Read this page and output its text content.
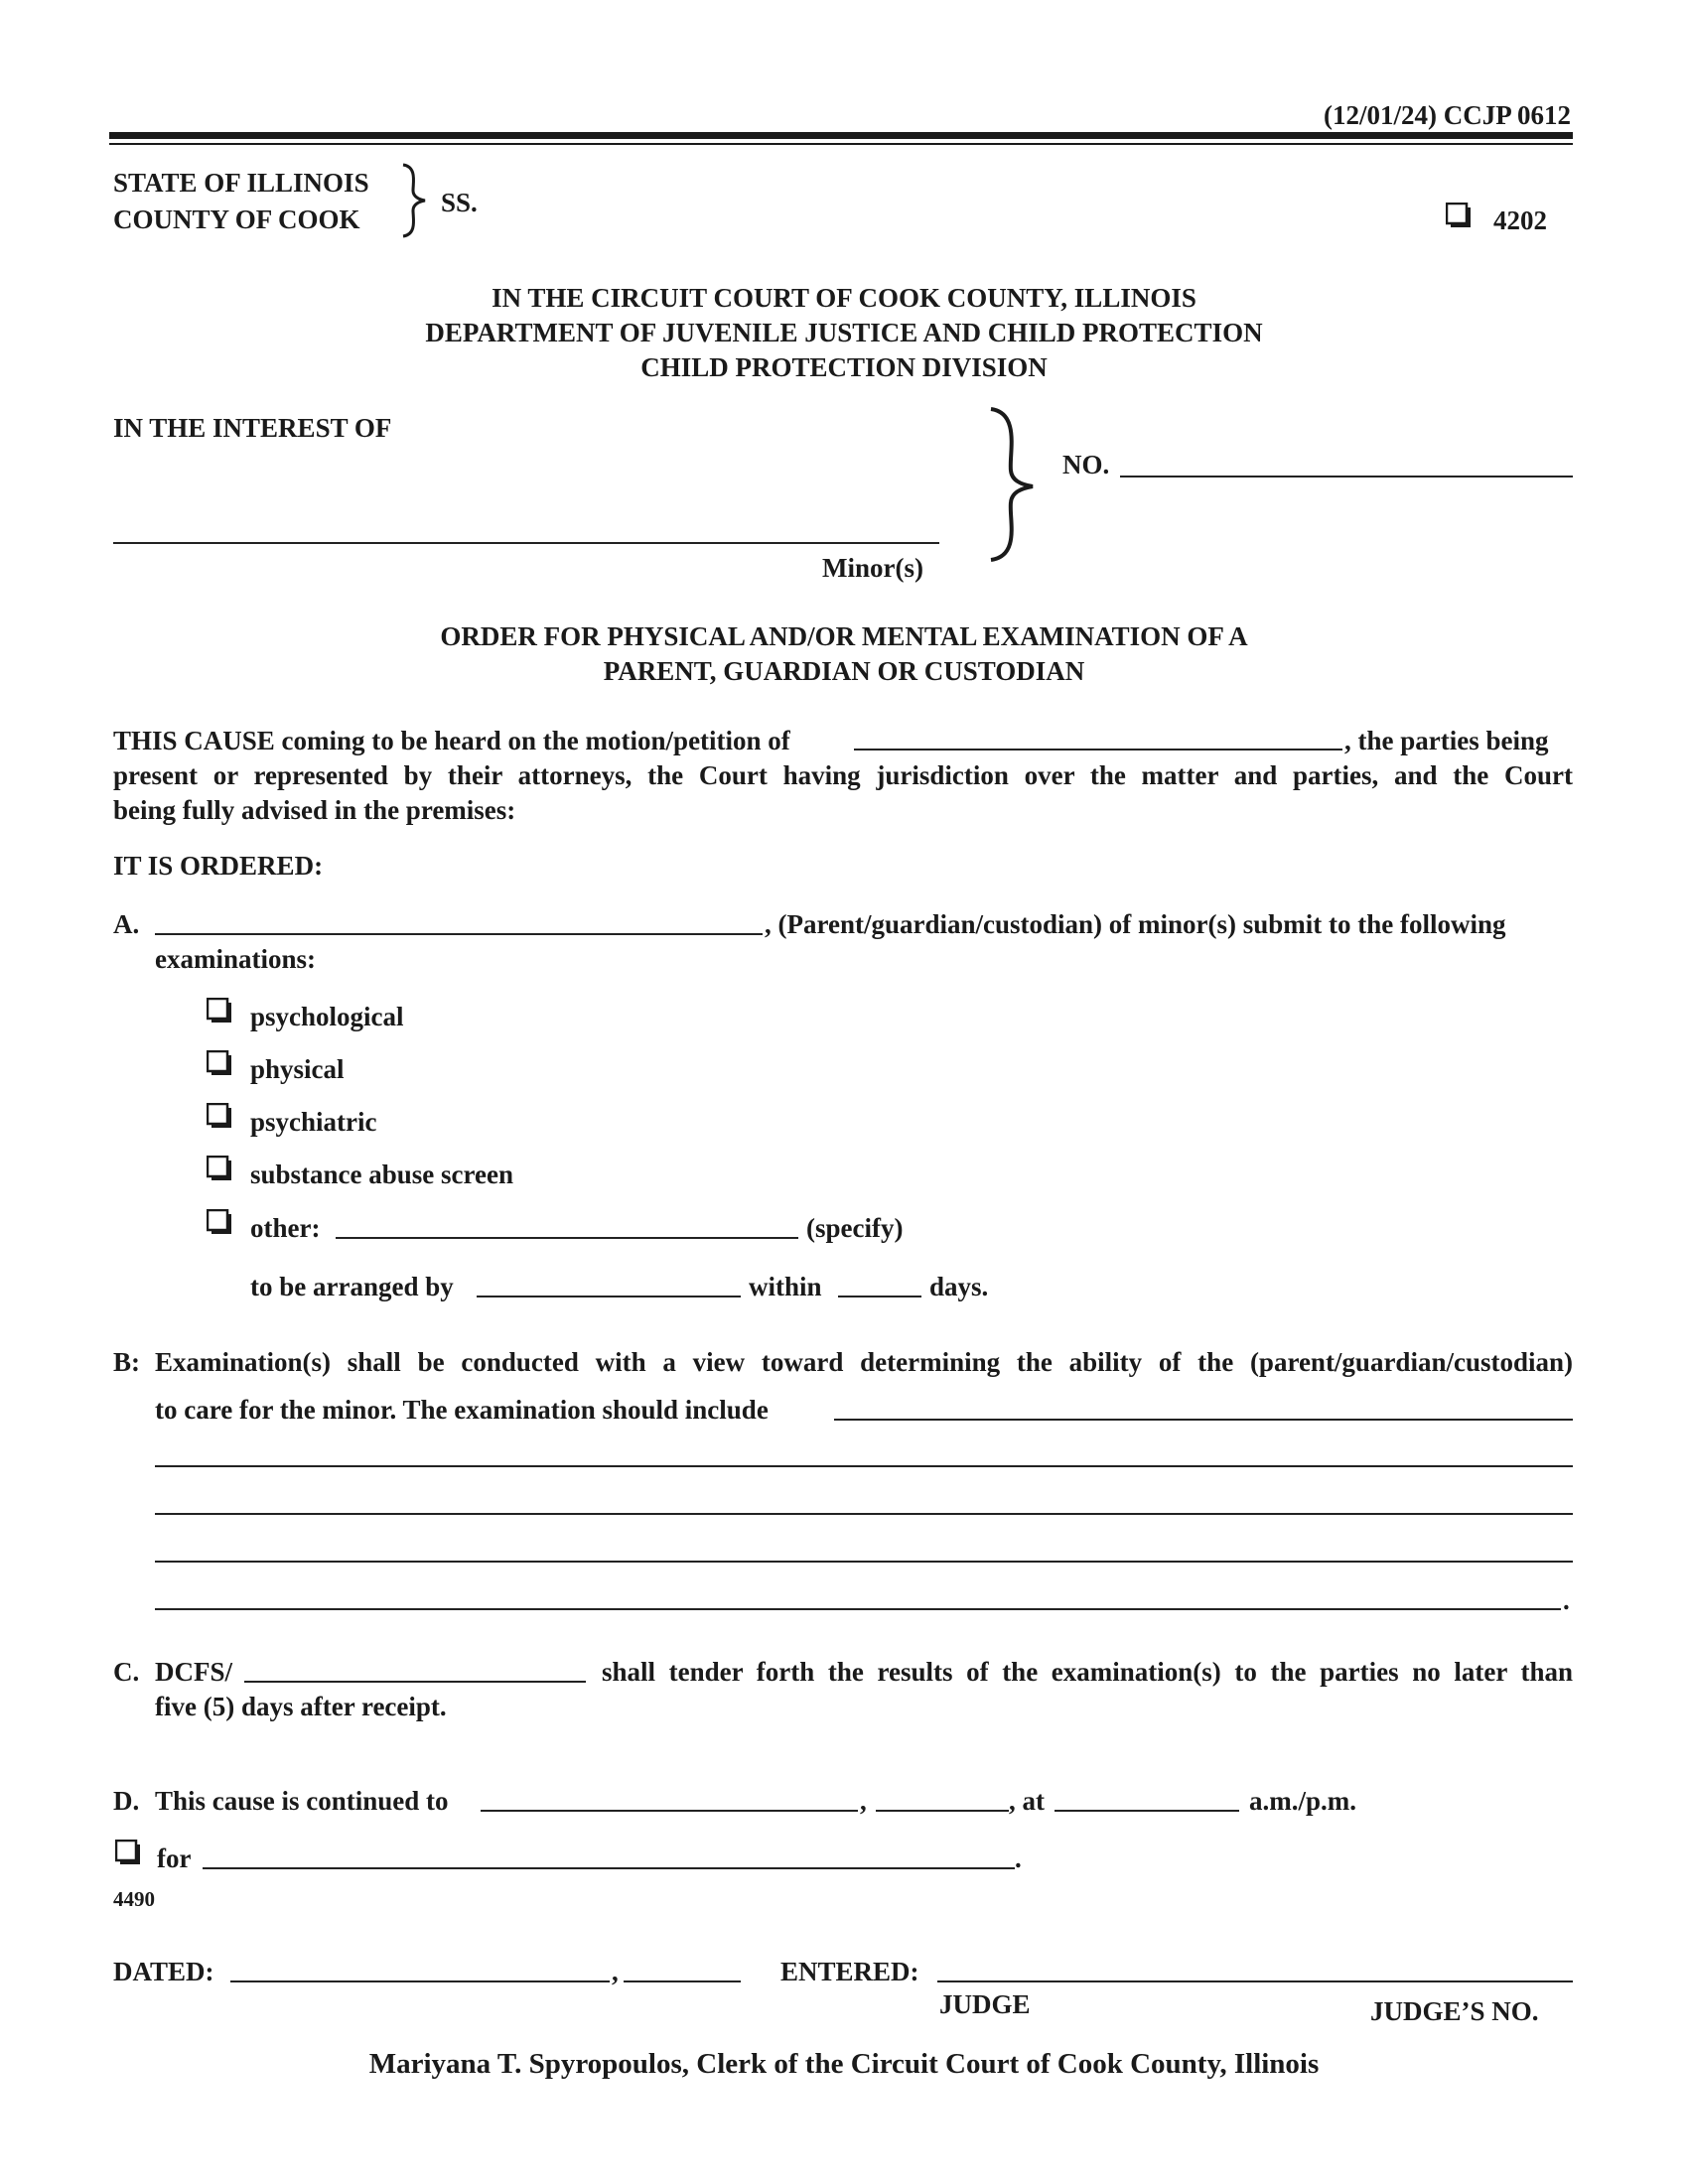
(12/01/24) CCJP 0612
STATE OF ILLINOIS
COUNTY OF COOK
SS.
4202
IN THE CIRCUIT COURT OF COOK COUNTY, ILLINOIS
DEPARTMENT OF JUVENILE JUSTICE AND CHILD PROTECTION
CHILD PROTECTION DIVISION
IN THE INTEREST OF
Minor(s)
NO.
ORDER FOR PHYSICAL AND/OR MENTAL EXAMINATION OF A
PARENT, GUARDIAN OR CUSTODIAN
THIS CAUSE coming to be heard on the motion/petition of	, the parties being
present or represented by their attorneys, the Court having jurisdiction over the matter and parties, and the Court
being fully advised in the premises:
IT IS ORDERED:
A.	, (Parent/guardian/custodian) of minor(s) submit to the following
examinations:
psychological
physical
psychiatric
substance abuse screen
other:	(specify)
to be arranged by	within	days.
B: Examination(s) shall be conducted with a view toward determining the ability of the (parent/guardian/custodian)
to care for the minor. The examination should include
.
C. DCFS/	shall tender forth the results of the examination(s) to the parties no later than
five (5) days after receipt.
D. This cause is continued to	,	, at	a.m./p.m.
for	.
4490
DATED:	,	ENTERED:
JUDGE	JUDGE’S NO.
Mariyana T. Spyropoulos, Clerk of the Circuit Court of Cook County, Illinois
